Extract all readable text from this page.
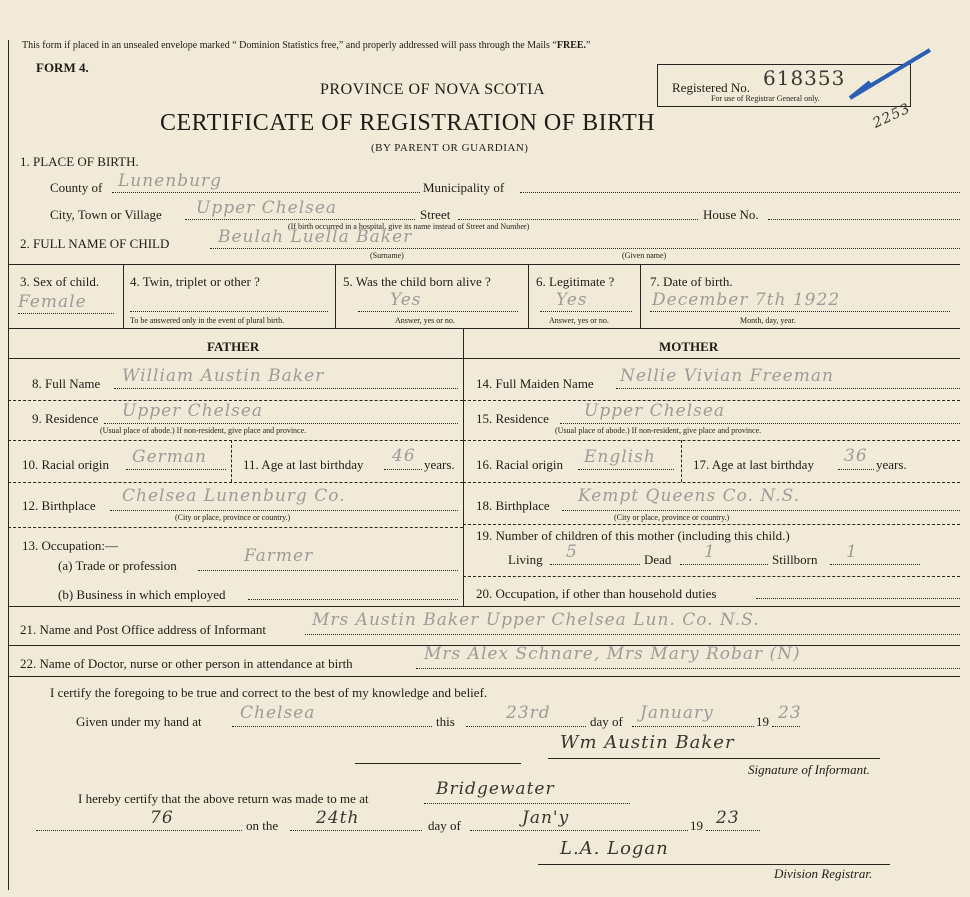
This form if placed in an unsealed envelope marked “ Dominion Statistics free,” and properly addressed will pass through the Mails “FREE.”
FORM 4.
PROVINCE OF NOVA SCOTIA
CERTIFICATE OF REGISTRATION OF BIRTH
(BY PARENT OR GUARDIAN)
Registered No. 618353
For use of Registrar General only.
2253
1. PLACE OF BIRTH.
County of Lunenburg	Municipality of
City, Town or Village Upper Chelsea	Street
(If birth occurred in a hospital, give its name instead of Street and Number)
House No.
2. FULL NAME OF CHILD	Beulah Luella Baker
(Surname)	(Given name)
3. Sex of child.
Female
4. Twin, triplet or other ?
To be answered only in the event of plural birth.
5. Was the child born alive ?
Yes
Answer, yes or no.
6. Legitimate ?
Yes
Answer, yes or no.
7. Date of birth.
December 7th 1922
Month, day, year.
FATHER	MOTHER
8. Full Name William Austin Baker
9. Residence Upper Chelsea
(Usual place of abode.) If non-resident, give place and province.
10. Racial origin German	11. Age at last birthday 46 years.
12. Birthplace Chelsea Lunenburg Co.
(City or place, province or country.)
13. Occupation:—
(a) Trade or profession	Farmer
(b) Business in which employed
14. Full Maiden Name Nellie Vivian Freeman
15. Residence Upper Chelsea
(Usual place of abode.) If non-resident, give place and province.
16. Racial origin English	17. Age at last birthday 36 years.
18. Birthplace Kempt Queens Co. N.S.
(City or place, province or country.)
19. Number of children of this mother (including this child.)
Living 5	Dead 1	Stillborn 1
20. Occupation, if other than household duties
21. Name and Post Office address of Informant	Mrs Austin Baker Upper Chelsea Lun. Co. N.S.
22. Name of Doctor, nurse or other person in attendance at birth	Mrs Alex Schnare, Mrs Mary Robar (N)
I certify the foregoing to be true and correct to the best of my knowledge and belief.
Given under my hand at Chelsea	this	23rd	day of January	19 23
Wm Austin Baker
Signature of Informant.
I hereby certify that the above return was made to me at	Bridgewater
76	on the 24th	day of	Jan'y	19 23
L.A. Logan
Division Registrar.
